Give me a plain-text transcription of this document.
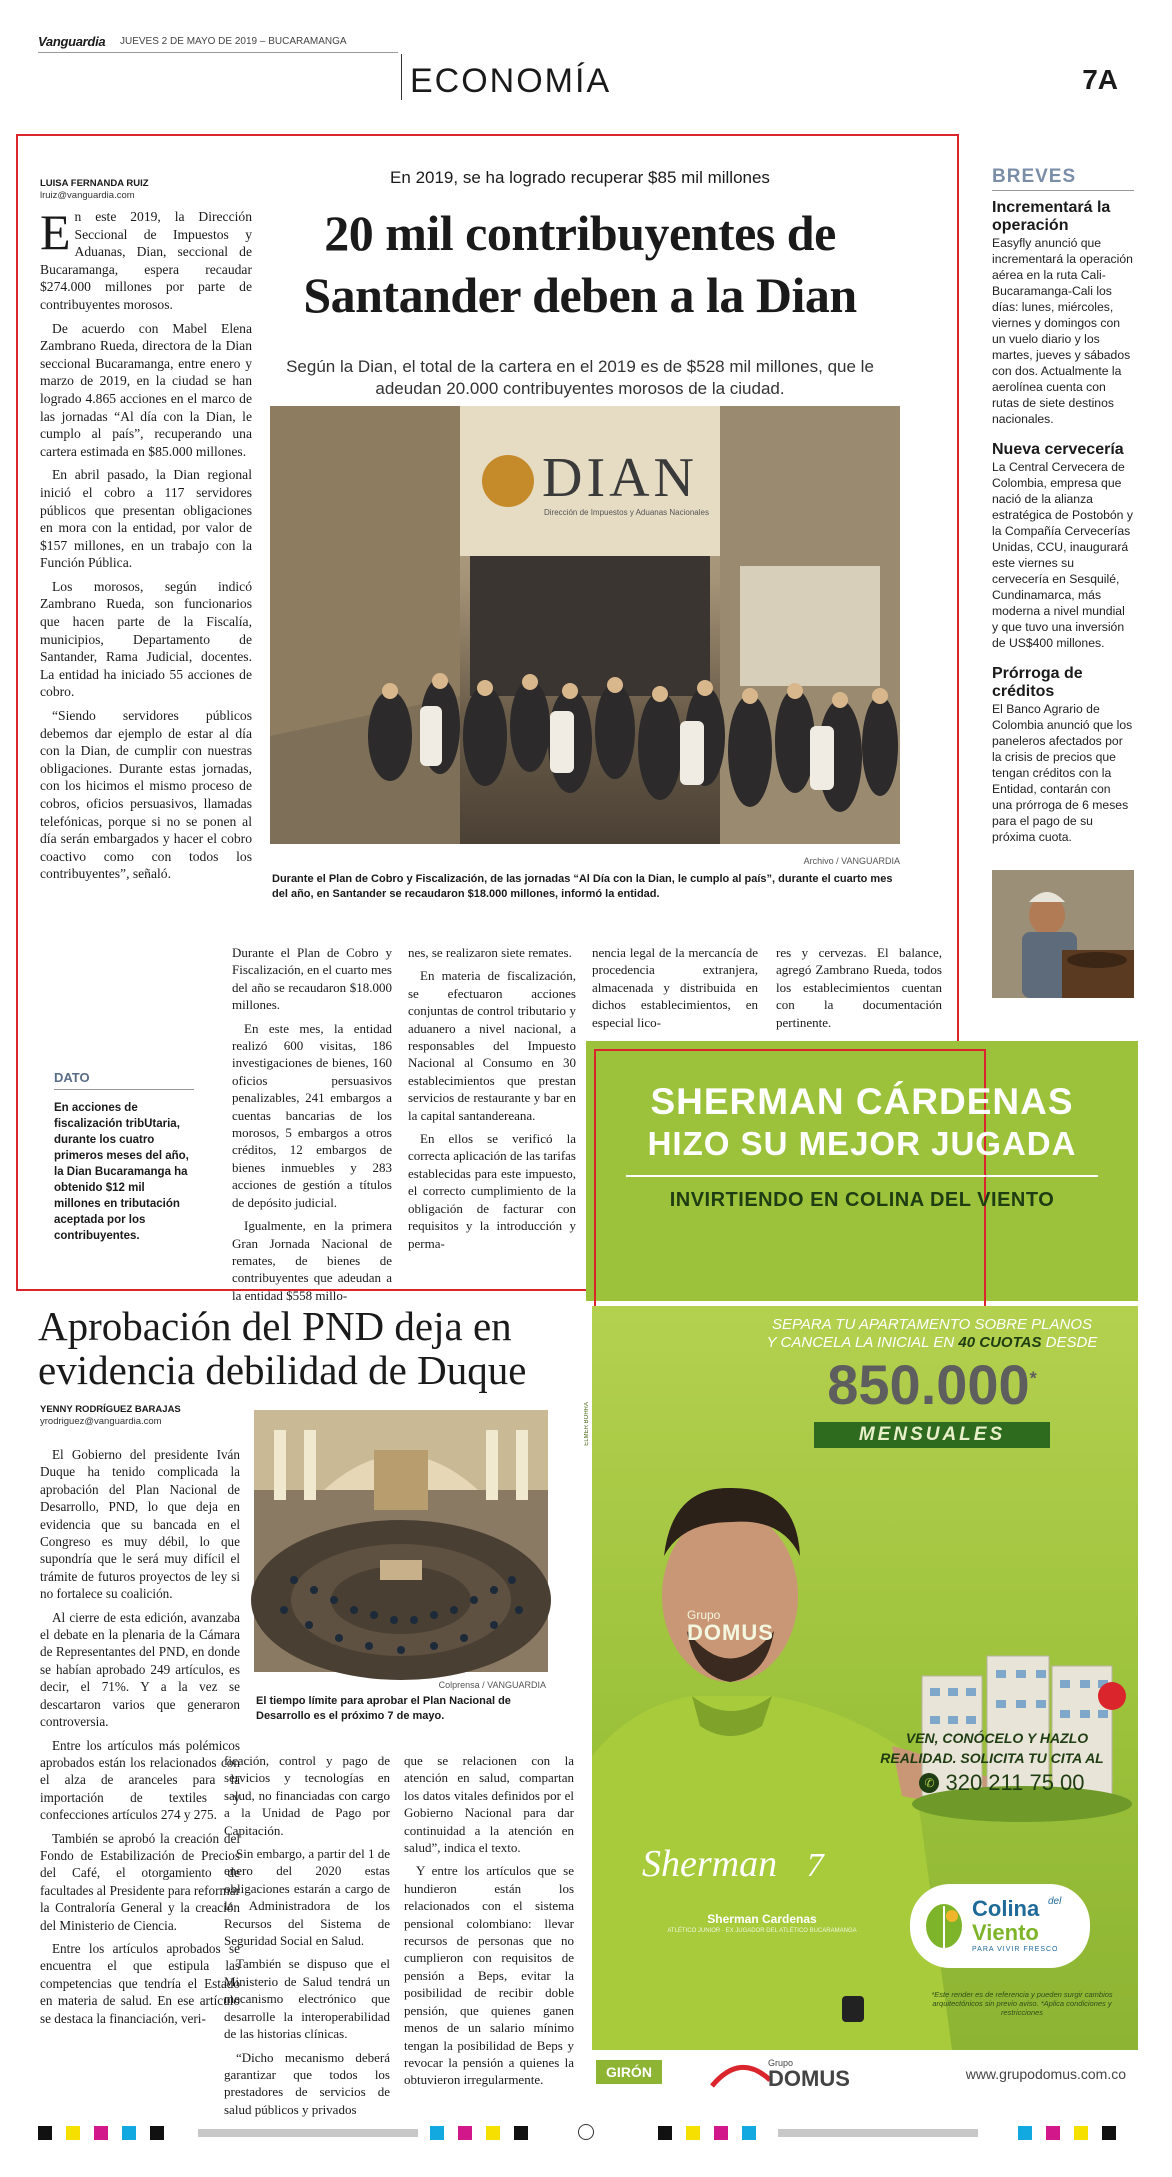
Vanguardia JUEVES 2 DE MAYO DE 2019 – BUCARAMANGA
ECONOMÍA	7A
LUISA FERNANDA RUIZ
lruiz@vanguardia.com
En 2019, se ha logrado recuperar $85 mil millones
20 mil contribuyentes de Santander deben a la Dian
Según la Dian, el total de la cartera en el 2019 es de $528 mil millones, que le adeudan 20.000 contribuyentes morosos de la ciudad.
DIAN
Dirección de Impuestos y Aduanas Nacionales
Archivo / VANGUARDIA
Durante el Plan de Cobro y Fiscalización, de las jornadas “Al Día con la Dian, le cumplo al país”, durante el cuarto mes del año, en Santander se recaudaron $18.000 millones, informó la entidad.

En este 2019, la Dirección Seccional de Impuestos y Aduanas, Dian, seccional de Bucaramanga, espera recaudar $274.000 millones por parte de contribuyentes morosos.

De acuerdo con Mabel Elena Zambrano Rueda, directora de la Dian seccional Bucaramanga, entre enero y marzo de 2019, en la ciudad se han logrado 4.865 acciones en el marco de las jornadas “Al día con la Dian, le cumplo al país”, recuperando una cartera estimada en $85.000 millones.

En abril pasado, la Dian regional inició el cobro a 117 servidores públicos que presentan obligaciones en mora con la entidad, por valor de $157 millones, en un trabajo con la Función Pública.

Los morosos, según indicó Zambrano Rueda, son funcionarios que hacen parte de la Fiscalía, municipios, Departamento de Santander, Rama Judicial, docentes. La entidad ha iniciado 55 acciones de cobro.

“Siendo servidores públicos debemos dar ejemplo de estar al día con la Dian, de cumplir con nuestras obligaciones. Durante estas jornadas, con los hicimos el mismo proceso de cobros, oficios persuasivos, llamadas telefónicas, porque si no se ponen al día serán embargados y hacer el cobro coactivo como con todos los contribuyentes”, señaló.

Durante el Plan de Cobro y Fiscalización, en el cuarto mes del año se recaudaron $18.000 millones.

En este mes, la entidad realizó 600 visitas, 186 investigaciones de bienes, 160 oficios persuasivos penalizables, 241 embargos a cuentas bancarias de los morosos, 5 embargos a otros créditos, 12 embargos de bienes inmuebles y 283 acciones de gestión a títulos de depósito judicial.

Igualmente, en la primera Gran Jornada Nacional de remates, de bienes de contribuyentes que adeudan a la entidad $558 millo-

nes, se realizaron siete remates.

En materia de fiscalización, se efectuaron acciones conjuntas de control tributario y aduanero a nivel nacional, a responsables del Impuesto Nacional al Consumo en 30 establecimientos que prestan servicios de restaurante y bar en la capital santandereana.

En ellos se verificó la correcta aplicación de las tarifas establecidas para este impuesto, el correcto cumplimiento de la obligación de facturar con requisitos y la introducción y perma-

nencia legal de la mercancía de procedencia extranjera, almacenada y distribuida en dichos establecimientos, en especial lico-

res y cervezas. El balance, agregó Zambrano Rueda, todos los establecimientos cuentan con la documentación pertinente.

DATO
En acciones de fiscalización tribUtaria, durante los cuatro primeros meses del año, la Dian Bucaramanga ha obtenido $12 mil millones en tributación aceptada por los contribuyentes.
BREVES
Incrementará la operación
Easyfly anunció que incrementará la operación aérea en la ruta Cali-Bucaramanga-Cali los días: lunes, miércoles, viernes y domingos con un vuelo diario y los martes, jueves y sábados con dos. Actualmente la aerolínea cuenta con rutas de siete destinos nacionales.
Nueva cervecería
La Central Cervecera de Colombia, empresa que nació de la alianza estratégica de Postobón y la Compañía Cervecerías Unidas, CCU, inaugurará este viernes su cervecería en Sesquilé, Cundinamarca, más moderna a nivel mundial y que tuvo una inversión de US$400 millones.
Prórroga de créditos
El Banco Agrario de Colombia anunció que los paneleros afectados por la crisis de precios que tengan créditos con la Entidad, contarán con una prórroga de 6 meses para el pago de su próxima cuota.
SHERMAN CÁRDENAS
HIZO SU MEJOR JUGADA
INVIRTIENDO EN COLINA DEL VIENTO
SEPARA TU APARTAMENTO SOBRE PLANOS
Y CANCELA LA INICIAL EN 40 CUOTAS DESDE
850.000*
MENSUALES
Grupo
DOMUS
ELMER BOHRA
VEN, CONÓCELO Y HAZLO
REALIDAD. SOLICITA TU CITA AL
✆ 320 211 75 00
Sherman 7
Sherman Cardenas
ATLÉTICO JUNIOR · EX JUGADOR DEL ATLÉTICO BUCARAMANGA
Colina del
Viento
PARA VIVIR FRESCO
*Este render es de referencia y pueden surgir cambios arquitectónicos sin previo aviso. *Aplica condiciones y restricciones
GIRÓN
Grupo
DOMUS	www.grupodomus.com.co
Aprobación del PND deja en evidencia debilidad de Duque
YENNY RODRÍGUEZ BARAJAS
yrodriguez@vanguardia.com
Colprensa / VANGUARDIA
El tiempo límite para aprobar el Plan Nacional de Desarrollo es el próximo 7 de mayo.

El Gobierno del presidente Iván Duque ha tenido complicada la aprobación del Plan Nacional de Desarrollo, PND, lo que deja en evidencia que su bancada en el Congreso es muy débil, lo que supondría que le será muy difícil el trámite de futuros proyectos de ley si no fortalece su coalición.

Al cierre de esta edición, avanzaba el debate en la plenaria de la Cámara de Representantes del PND, en donde se habían aprobado 249 artículos, es decir, el 71%. Y a la vez se descartaron varios que generaron controversia.

Entre los artículos más polémicos aprobados están los relacionados con el alza de aranceles para la importación de textiles y confecciones artículos 274 y 275.

También se aprobó la creación del Fondo de Estabilización de Precios del Café, el otorgamiento de facultades al Presidente para reformar la Contraloría General y la creación del Ministerio de Ciencia.

Entre los artículos aprobados se encuentra el que estipula las competencias que tendría el Estado en materia de salud. En ese artículo se destaca la financiación, veri-

ficación, control y pago de servicios y tecnologías en salud, no financiadas con cargo a la Unidad de Pago por Capitación.

Sin embargo, a partir del 1 de enero del 2020 estas obligaciones estarán a cargo de la Administradora de los Recursos del Sistema de Seguridad Social en Salud.

También se dispuso que el Ministerio de Salud tendrá un mecanismo electrónico que desarrolle la interoperabilidad de las historias clínicas.

“Dicho mecanismo deberá garantizar que todos los prestadores de servicios de salud públicos y privados

que se relacionen con la atención en salud, compartan los datos vitales definidos por el Gobierno Nacional para dar continuidad a la atención en salud”, indica el texto.

Y entre los artículos que se hundieron están los relacionados con el sistema pensional colombiano: llevar recursos de personas que no cumplieron con requisitos de pensión a Beps, evitar la posibilidad de recibir doble pensión, que quienes ganen menos de un salario mínimo tengan la posibilidad de Beps y revocar la pensión a quienes la obtuvieron irregularmente.
